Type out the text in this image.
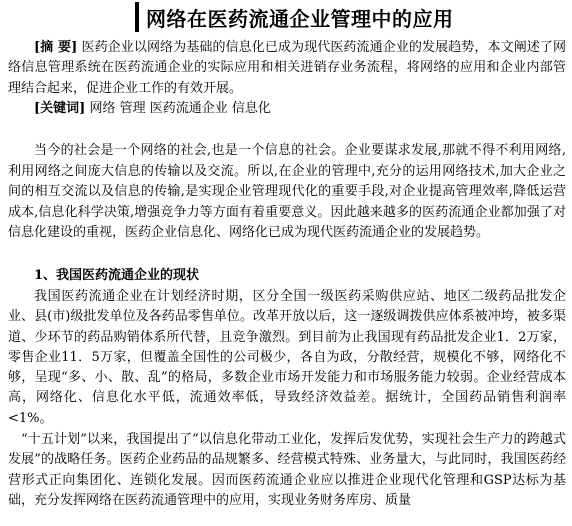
网络在医药流通企业管理中的应用
[摘 要] 医药企业以网络为基础的信息化已成为现代医药流通企业的发展趋势，本文阐述了网络信息管理系统在医药流通企业的实际应用和相关进销存业务流程，将网络的应用和企业内部管理结合起来，促进企业工作的有效开展。
[关键词] 网络 管理 医药流通企业 信息化
当今的社会是一个网络的社会,也是一个信息的社会。企业要谋求发展,那就不得不利用网络,利用网络之间庞大信息的传输以及交流。所以,在企业的管理中,充分的运用网络技术,加大企业之间的相互交流以及信息的传输,是实现企业管理现代化的重要手段,对企业提高管理效率,降低运营成本,信息化科学决策,增强竞争力等方面有着重要意义。因此越来越多的医药流通企业都加强了对信息化建设的重视，医药企业信息化、网络化已成为现代医药流通企业的发展趋势。
1、我国医药流通企业的现状
我国医药流通企业在计划经济时期，区分全国一级医药采购供应站、地区二级药品批发企业、县(市)级批发单位及各药品零售单位。改革开放以后，这一逐级调拨供应体系被冲垮，被多渠道、少环节的药品购销体系所代替，且竞争激烈。到目前为止我国现有药品批发企业1．2万家，零售企业11．5万家，但覆盖全国性的公司极少，各自为政，分散经营，规模化不够，网络化不够，呈现“多、小、散、乱”的格局，多数企业市场开发能力和市场服务能力较弱。企业经营成本高，网络化、信息化水平低，流通效率低，导致经济效益差。据统计，全国药品销售利润率<1%。
“十五计划”以来，我国提出了“以信息化带动工业化，发挥后发优势，实现社会生产力的跨越式发展”的战略任务。医药企业药品的品规繁多、经营模式特殊、业务量大，与此同时，我国医药经营形式正向集团化、连锁化发展。因而医药流通企业应以推进企业现代化管理和GSP达标为基础，充分发挥网络在医药流通管理中的应用，实现业务财务库房、质量
